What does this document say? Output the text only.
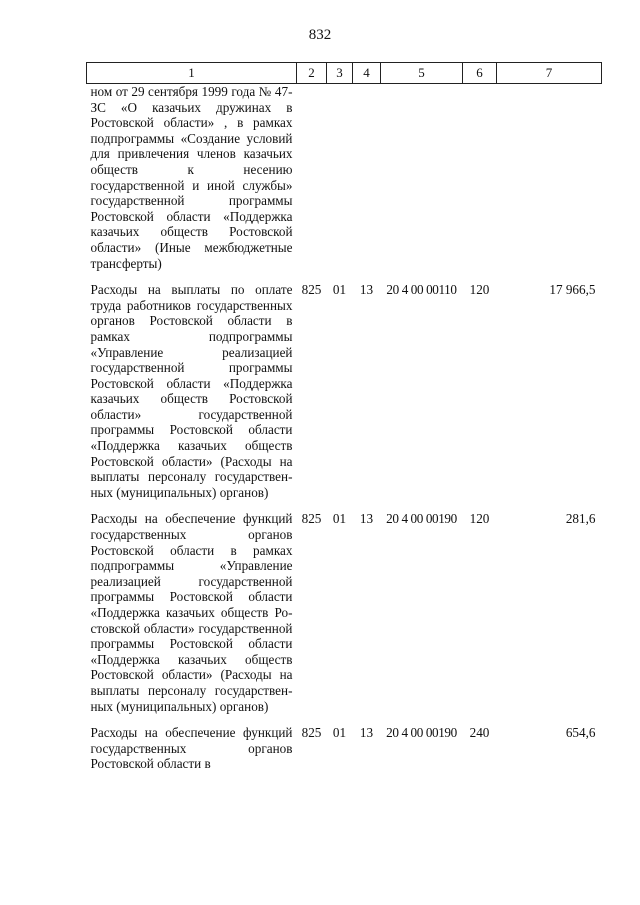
832
1	2	3	4	5	6	7
ном от 29 сентября 1999 года № 47-ЗС «О казачьих дружинах в Ростовской области» , в рамках подпрограммы «Создание условий для привлечения членов казачьих обществ к несению государственной и иной службы» государственной программы Ростовской области «Поддержка казачьих обществ Ростовской области» (Иные межбюджетные трансферты)						
Расходы на выплаты по оплате труда работников государственных органов Ростовской области в рамках подпрограммы «Управление реализацией государственной программы Ростовской области «Поддержка казачьих обществ Ростовской области» государственной программы Ростовской области «Поддержка казачьих обществ Ростовской области» (Расходы на выплаты персоналу государственных (муниципальных) органов)	825	01	13	20 4 00 00110	120	17 966,5
Расходы на обеспечение функций государственных органов Ростовской области в рамках подпрограммы «Управление реализацией государственной программы Ростовской области «Поддержка казачьих обществ Ростовской области» государственной программы Ростовской области «Поддержка казачьих обществ Ростовской области» (Расходы на выплаты персоналу государственных (муниципальных) органов)	825	01	13	20 4 00 00190	120	281,6
Расходы на обеспечение функций государственных органов Ростовской области в	825	01	13	20 4 00 00190	240	654,6
